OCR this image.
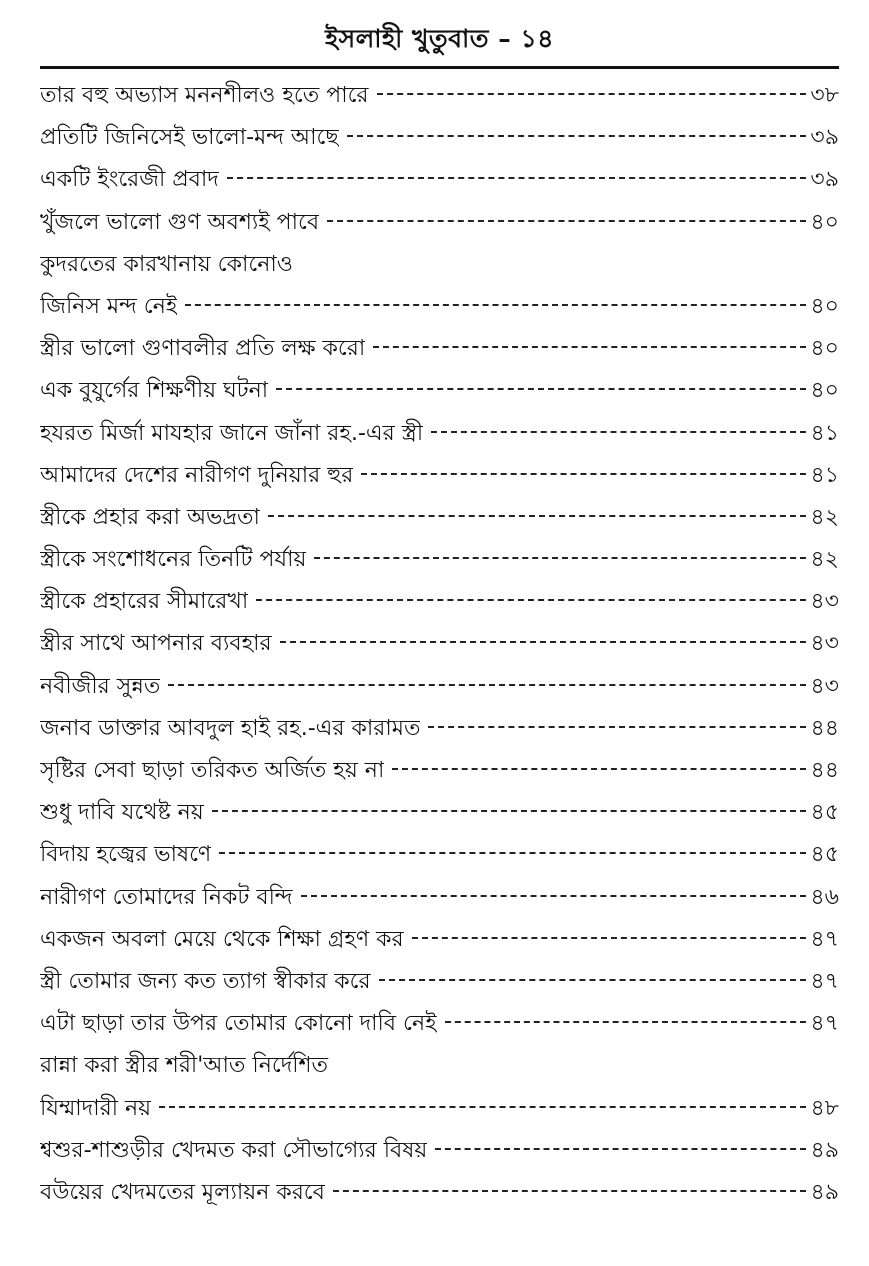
ইসলাহী খুতুবাত – ১৪
তার বহু অভ্যাস মননশীলও হতে পারে	৩৮
প্রতিটি জিনিসেই ভালো-মন্দ আছে	৩৯
একটি ইংরেজী প্রবাদ	৩৯
খুঁজলে ভালো গুণ অবশ্যই পাবে	৪০
কুদরতের কারখানায় কোনোও
জিনিস মন্দ নেই	৪০
স্ত্রীর ভালো গুণাবলীর প্রতি লক্ষ করো	৪০
এক বুযুর্গের শিক্ষণীয় ঘটনা	৪০
হযরত মির্জা মাযহার জানে জাঁনা রহ.-এর স্ত্রী	৪১
আমাদের দেশের নারীগণ দুনিয়ার হুর	৪১
স্ত্রীকে প্রহার করা অভদ্রতা	৪২
স্ত্রীকে সংশোধনের তিনটি পর্যায়	৪২
স্ত্রীকে প্রহারের সীমারেখা	৪৩
স্ত্রীর সাথে আপনার ব্যবহার	৪৩
নবীজীর সুন্নত	৪৩
জনাব ডাক্তার আবদুল হাই রহ.-এর কারামত	৪৪
সৃষ্টির সেবা ছাড়া তরিকত অর্জিত হয় না	৪৪
শুধু দাবি যথেষ্ট নয়	৪৫
বিদায় হজ্বের ভাষণে	৪৫
নারীগণ তোমাদের নিকট বন্দি	৪৬
একজন অবলা মেয়ে থেকে শিক্ষা গ্রহণ কর	৪৭
স্ত্রী তোমার জন্য কত ত্যাগ স্বীকার করে	৪৭
এটা ছাড়া তার উপর তোমার কোনো দাবি নেই	৪৭
রান্না করা স্ত্রীর শরী'আত নির্দেশিত
যিম্মাদারী নয়	৪৮
শ্বশুর-শাশুড়ীর খেদমত করা সৌভাগ্যের বিষয়	৪৯
বউয়ের খেদমতের মূল্যায়ন করবে	৪৯
